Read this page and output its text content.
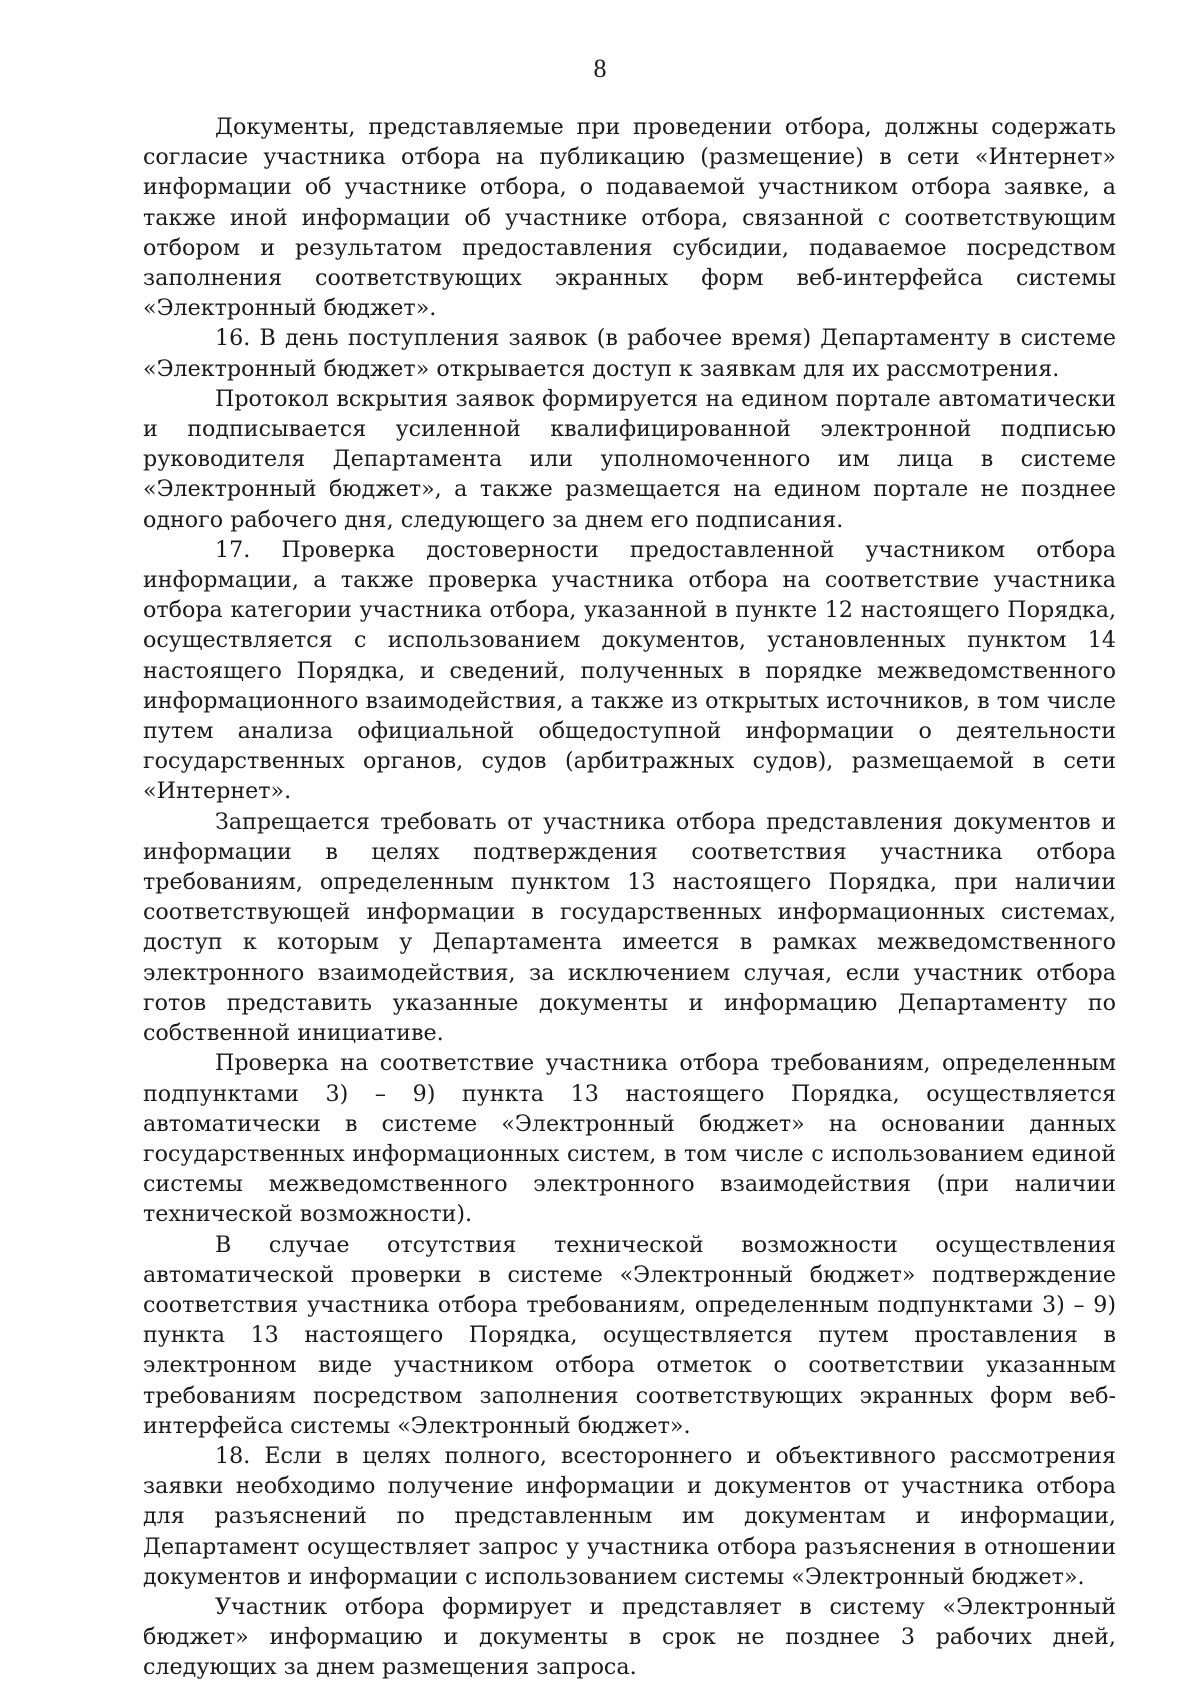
8

Документы, представляемые при проведении отбора, должны содержать согласие участника отбора на публикацию (размещение) в сети «Интернет» информации об участнике отбора, о подаваемой участником отбора заявке, а также иной информации об участнике отбора, связанной с соответствующим отбором и результатом предоставления субсидии, подаваемое посредством заполнения соответствующих экранных форм веб-интерфейса системы «Электронный бюджет».

16. В день поступления заявок (в рабочее время) Департаменту в системе «Электронный бюджет» открывается доступ к заявкам для их рассмотрения.

Протокол вскрытия заявок формируется на едином портале автоматически и подписывается усиленной квалифицированной электронной подписью руководителя Департамента или уполномоченного им лица в системе «Электронный бюджет», а также размещается на едином портале не позднее одного рабочего дня, следующего за днем его подписания.

17. Проверка достоверности предоставленной участником отбора информации, а также проверка участника отбора на соответствие участника отбора категории участника отбора, указанной в пункте 12 настоящего Порядка, осуществляется с использованием документов, установленных пунктом 14 настоящего Порядка, и сведений, полученных в порядке межведомственного информационного взаимодействия, а также из открытых источников, в том числе путем анализа официальной общедоступной информации о деятельности государственных органов, судов (арбитражных судов), размещаемой в сети «Интернет».

Запрещается требовать от участника отбора представления документов и информации в целях подтверждения соответствия участника отбора требованиям, определенным пунктом 13 настоящего Порядка, при наличии соответствующей информации в государственных информационных системах, доступ к которым у Департамента имеется в рамках межведомственного электронного взаимодействия, за исключением случая, если участник отбора готов представить указанные документы и информацию Департаменту по собственной инициативе.

Проверка на соответствие участника отбора требованиям, определенным подпунктами 3) – 9) пункта 13 настоящего Порядка, осуществляется автоматически в системе «Электронный бюджет» на основании данных государственных информационных систем, в том числе с использованием единой системы межведомственного электронного взаимодействия (при наличии технической возможности).

В случае отсутствия технической возможности осуществления автоматической проверки в системе «Электронный бюджет» подтверждение соответствия участника отбора требованиям, определенным подпунктами 3) – 9) пункта 13 настоящего Порядка, осуществляется путем проставления в электронном виде участником отбора отметок о соответствии указанным требованиям посредством заполнения соответствующих экранных форм веб-интерфейса системы «Электронный бюджет».

18. Если в целях полного, всестороннего и объективного рассмотрения заявки необходимо получение информации и документов от участника отбора для разъяснений по представленным им документам и информации, Департамент осуществляет запрос у участника отбора разъяснения в отношении документов и информации с использованием системы «Электронный бюджет».

Участник отбора формирует и представляет в систему «Электронный бюджет» информацию и документы в срок не позднее 3 рабочих дней, следующих за днем размещения запроса.
